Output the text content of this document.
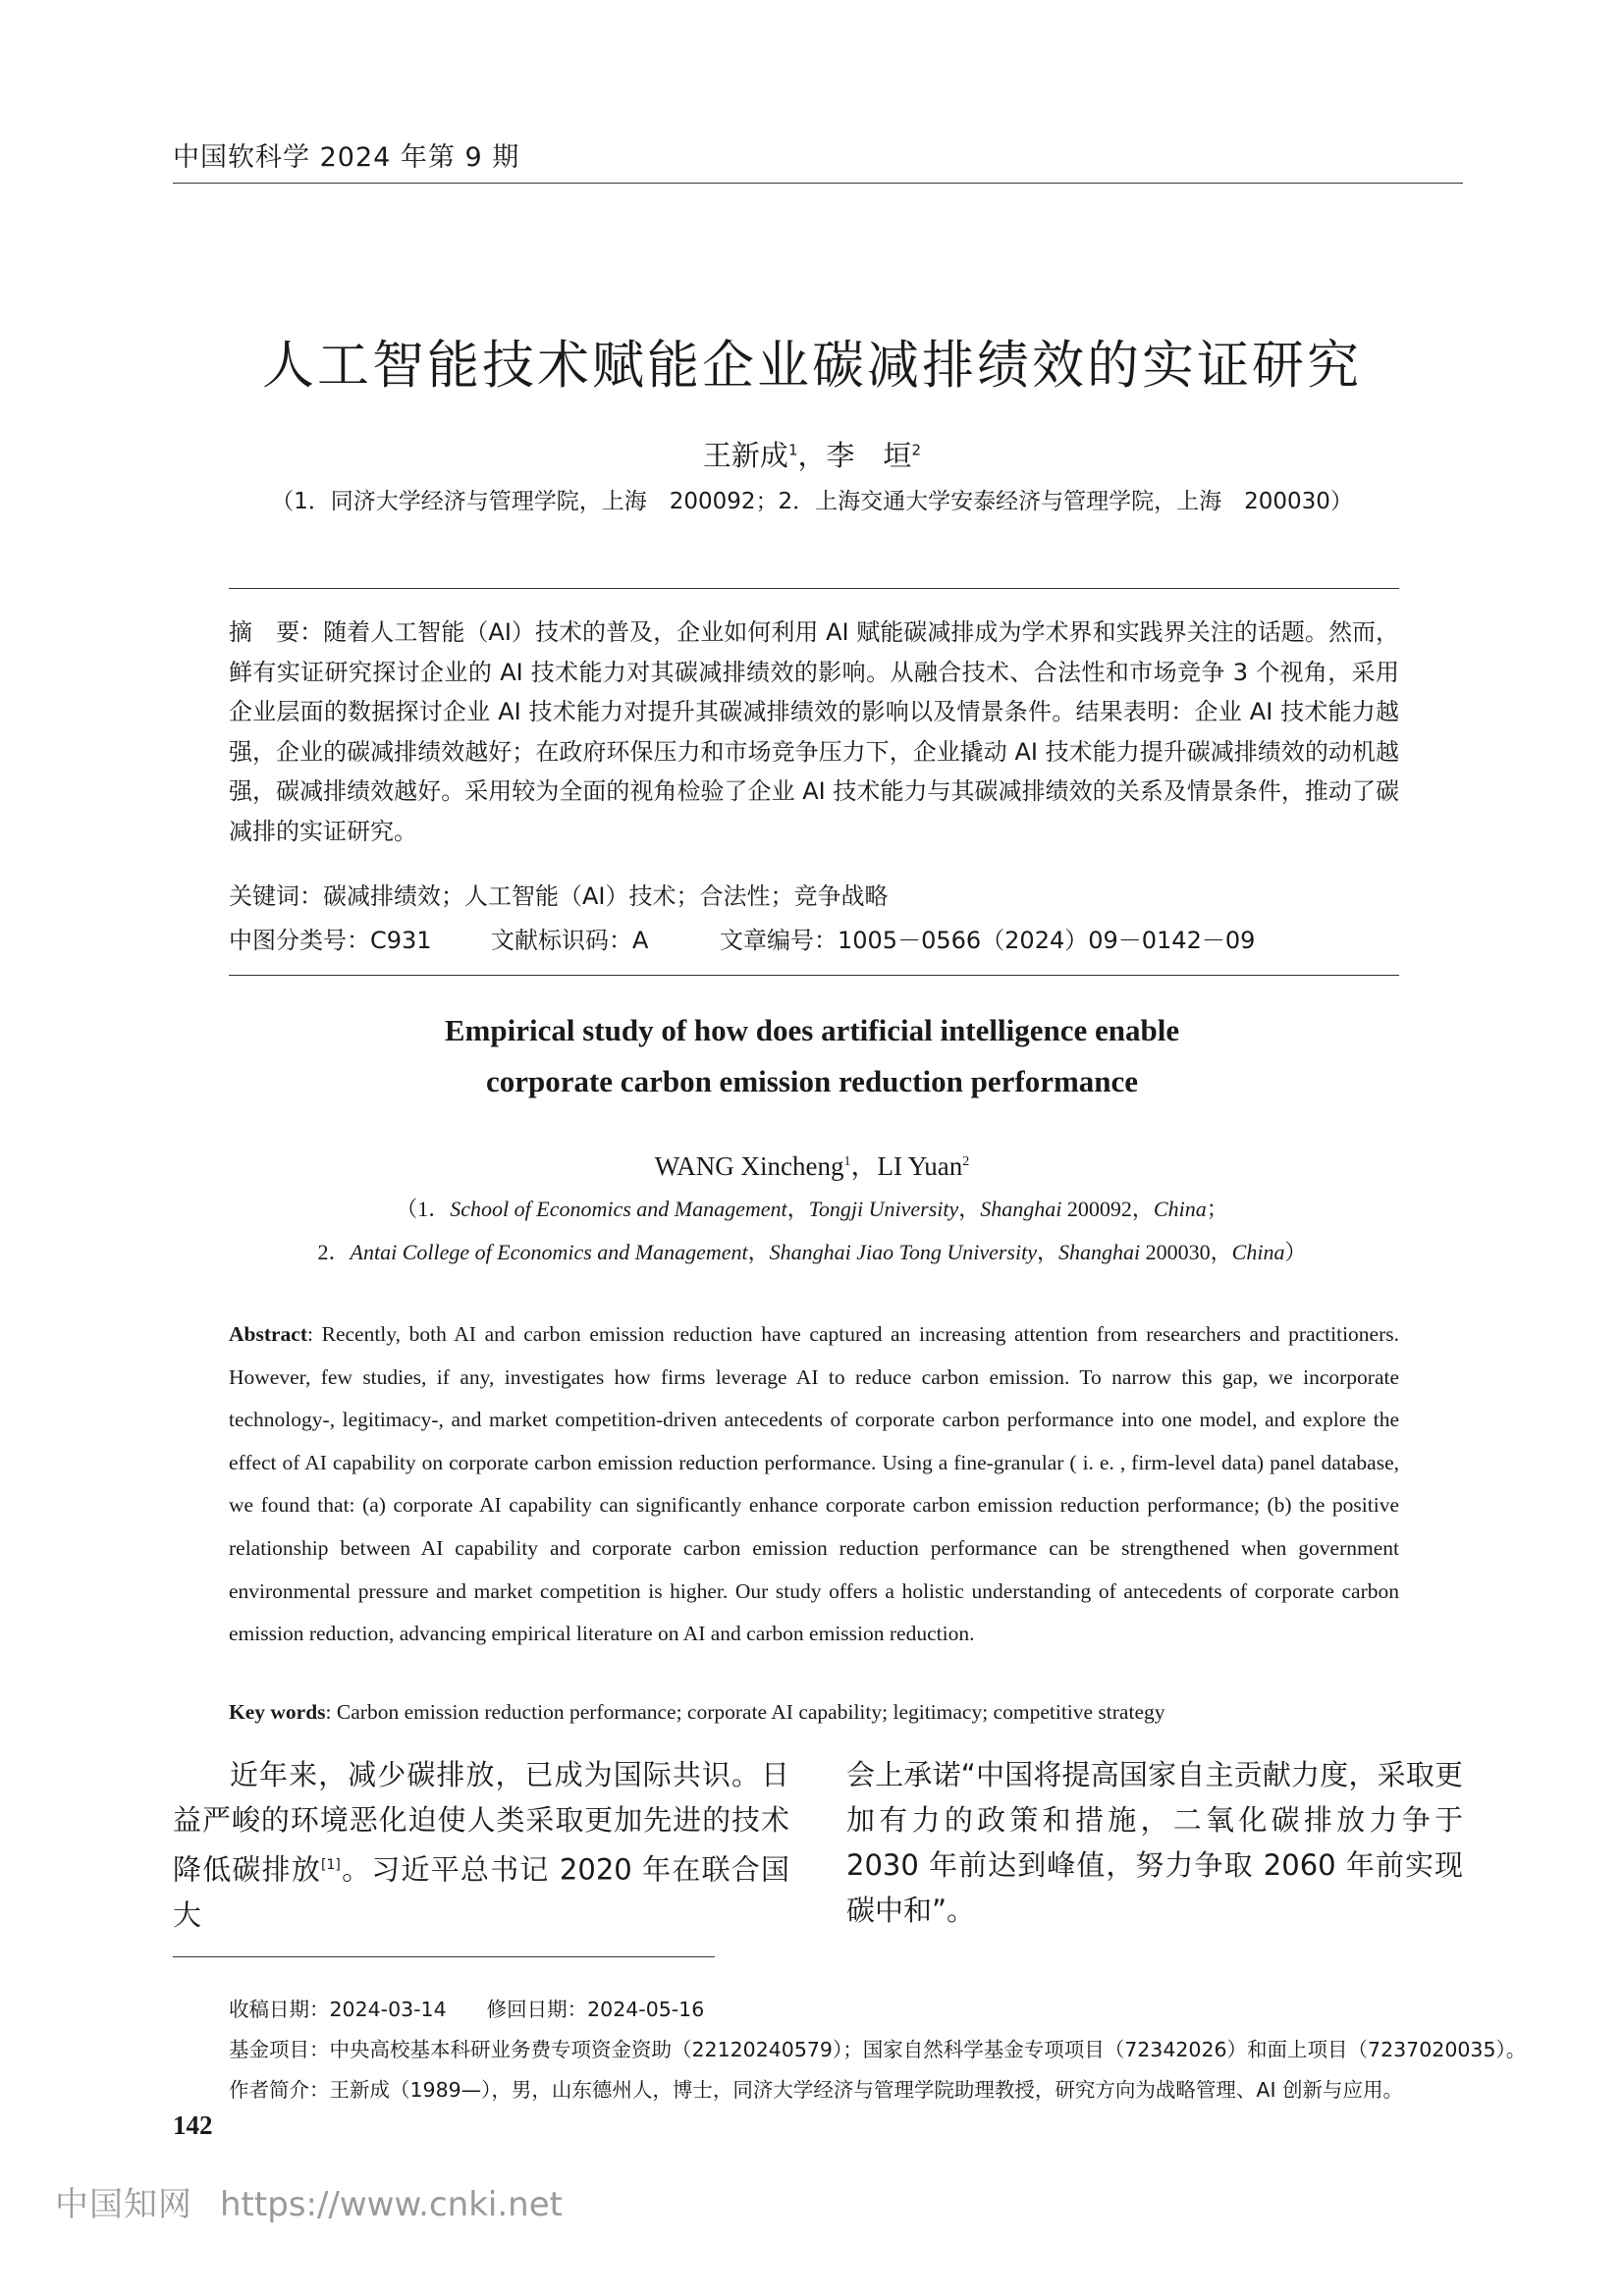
中国软科学 2024 年第 9 期
人工智能技术赋能企业碳减排绩效的实证研究
王新成$^1$，李　垣$^2$
（1．同济大学经济与管理学院，上海　200092；2．上海交通大学安泰经济与管理学院，上海　200030）
摘　要：随着人工智能（AI）技术的普及，企业如何利用 AI 赋能碳减排成为学术界和实践界关注的话题。然而，鲜有实证研究探讨企业的 AI 技术能力对其碳减排绩效的影响。从融合技术、合法性和市场竞争 3 个视角，采用企业层面的数据探讨企业 AI 技术能力对提升其碳减排绩效的影响以及情景条件。结果表明：企业 AI 技术能力越强，企业的碳减排绩效越好；在政府环保压力和市场竞争压力下，企业撬动 AI 技术能力提升碳减排绩效的动机越强，碳减排绩效越好。采用较为全面的视角检验了企业 AI 技术能力与其碳减排绩效的关系及情景条件，推动了碳减排的实证研究。
关键词：碳减排绩效；人工智能（AI）技术；合法性；竞争战略

中图分类号：C931

	文献标识码：A

	文章编号：1005－0566（2024）09－0142－09

Empirical study of how does artificial intelligence enable
corporate carbon emission reduction performance
WANG Xincheng$^1$，LI Yuan$^2$
（1．School of Economics and Management，Tongji University，Shanghai 200092，China；
2．Antai College of Economics and Management，Shanghai Jiao Tong University，Shanghai 200030，China）
Abstract: Recently, both AI and carbon emission reduction have captured an increasing attention from researchers and practitioners. However, few studies, if any, investigates how firms leverage AI to reduce carbon emission. To narrow this gap, we incorporate technology-, legitimacy-, and market competition-driven antecedents of corporate carbon performance into one model, and explore the effect of AI capability on corporate carbon emission reduction performance. Using a fine-granular ( i. e. , firm-level data) panel database, we found that: (a) corporate AI capability can significantly enhance corporate carbon emission reduction performance; (b) the positive relationship between AI capability and corporate carbon emission reduction performance can be strengthened when government environmental pressure and market competition is higher. Our study offers a holistic understanding of antecedents of corporate carbon emission reduction, advancing empirical literature on AI and carbon emission reduction.
Key words: Carbon emission reduction performance; corporate AI capability; legitimacy; competitive strategy
近年来，减少碳排放，已成为国际共识。日益严峻的环境恶化迫使人类采取更加先进的技术降低碳排放[1]。习近平总书记 2020 年在联合国大
会上承诺“中国将提高国家自主贡献力度，采取更加有力的政策和措施，二氧化碳排放力争于 2030 年前达到峰值，努力争取 2060 年前实现碳中和”。
收稿日期：2024-03-14　　修回日期：2024-05-16
基金项目：中央高校基本科研业务费专项资金资助（22120240579）；国家自然科学基金专项项目（72342026）和面上项目（7237020035）。
作者简介：王新成（1989—），男，山东德州人，博士，同济大学经济与管理学院助理教授，研究方向为战略管理、AI 创新与应用。
142
中国知网 https://www.cnki.net
